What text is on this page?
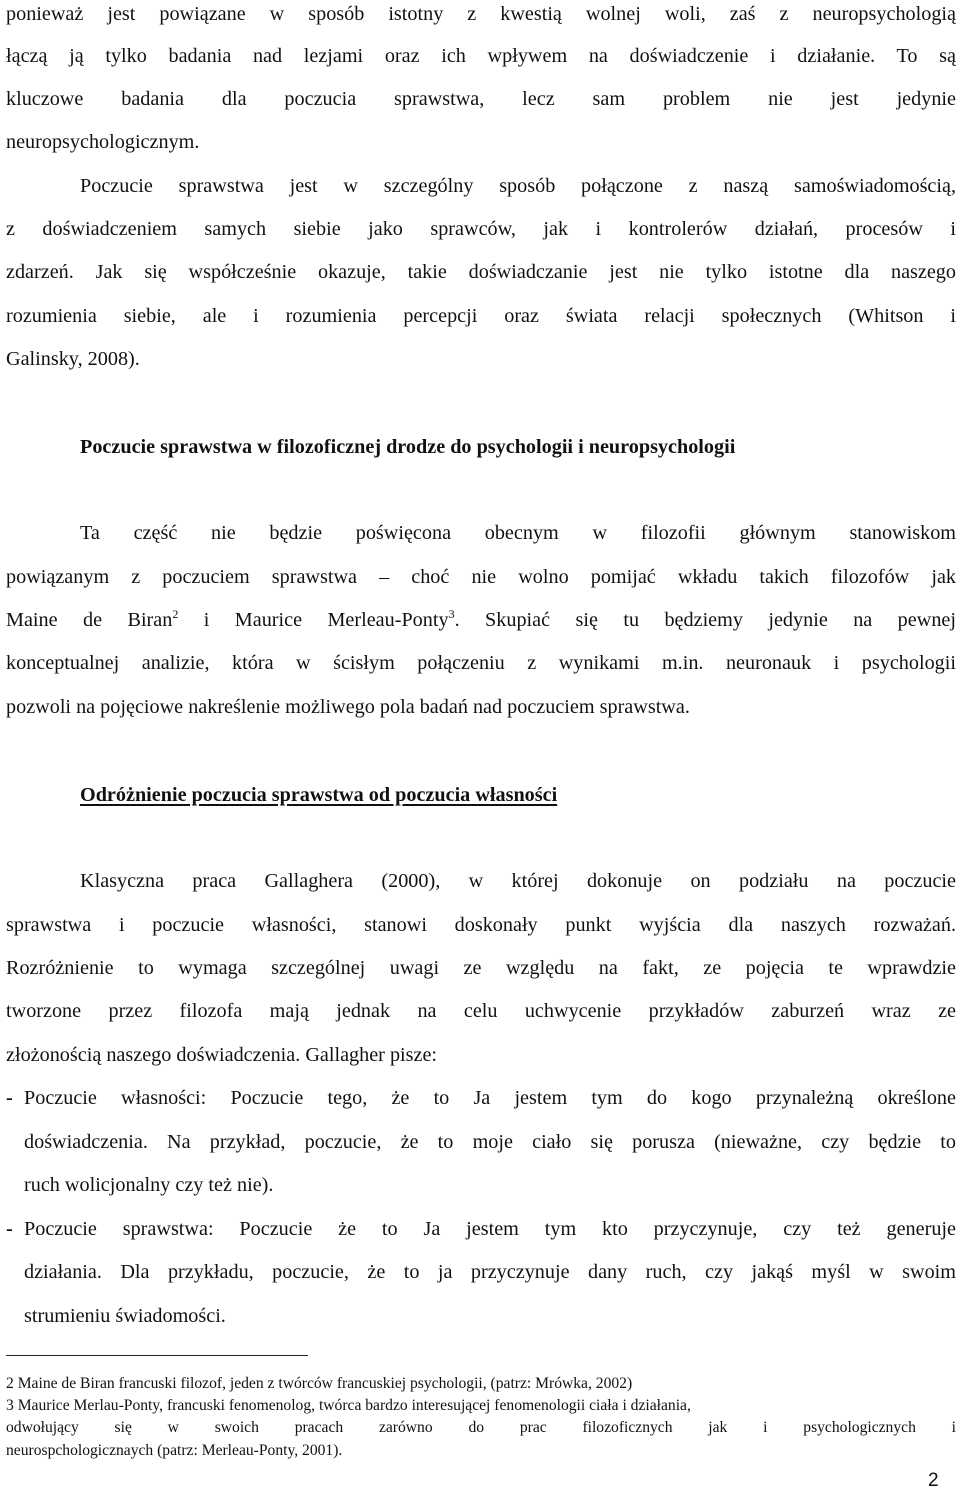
ponieważ jest powiązane w sposób istotny z kwestią wolnej woli, zaś z neuropsychologią
łączą ją tylko badania nad lezjami oraz ich wpływem na doświadczenie i działanie. To są
kluczowe badania dla poczucia sprawstwa, lecz sam problem nie jest jedynie
neuropsychologicznym.
Poczucie sprawstwa jest w szczególny sposób połączone z naszą samoświadomością,
z doświadczeniem samych siebie jako sprawców, jak i kontrolerów działań, procesów i
zdarzeń. Jak się współcześnie okazuje, takie doświadczanie jest nie tylko istotne dla naszego
rozumienia siebie, ale i rozumienia percepcji oraz świata relacji społecznych (Whitson i
Galinsky, 2008).
Poczucie sprawstwa w filozoficznej drodze do psychologii i neuropsychologii
Ta część nie będzie poświęcona obecnym w filozofii głównym stanowiskom
powiązanym z poczuciem sprawstwa – choć nie wolno pomijać wkładu takich filozofów jak
Maine de Biran$^2$ i Maurice Merleau-Ponty$^3$. Skupiać się tu będziemy jedynie na pewnej
konceptualnej analizie, która w ścisłym połączeniu z wynikami m.in. neuronauk i psychologii
pozwoli na pojęciowe nakreślenie możliwego pola badań nad poczuciem sprawstwa.
Odróżnienie poczucia sprawstwa od poczucia własności
Klasyczna praca Gallaghera (2000), w której dokonuje on podziału na poczucie
sprawstwa i poczucie własności, stanowi doskonały punkt wyjścia dla naszych rozważań.
Rozróżnienie to wymaga szczególnej uwagi ze względu na fakt, ze pojęcia te wprawdzie
tworzone przez filozofa mają jednak na celu uchwycenie przykładów zaburzeń wraz ze
złożonością naszego doświadczenia. Gallagher pisze:
- Poczucie własności: Poczucie tego, że to Ja jestem tym do kogo przynależną określone
doświadczenia. Na przykład, poczucie, że to moje ciało się porusza (nieważne, czy będzie to
ruch wolicjonalny czy też nie).
- Poczucie sprawstwa: Poczucie że to Ja jestem tym kto przyczynuje, czy też generuje
działania. Dla przykładu, poczucie, że to ja przyczynuje dany ruch, czy jakąś myśl w swoim
strumieniu świadomości.
2 Maine de Biran francuski filozof, jeden z twórców francuskiej psychologii, (patrz: Mrówka, 2002)
3 Maurice Merlau-Ponty, francuski fenomenolog, twórca bardzo interesującej fenomenologii ciała i działania,
odwołujący się w swoich pracach zarówno do prac filozoficznych jak i psychologicznych i
neurospchologicznaych (patrz: Merleau-Ponty, 2001).
2
